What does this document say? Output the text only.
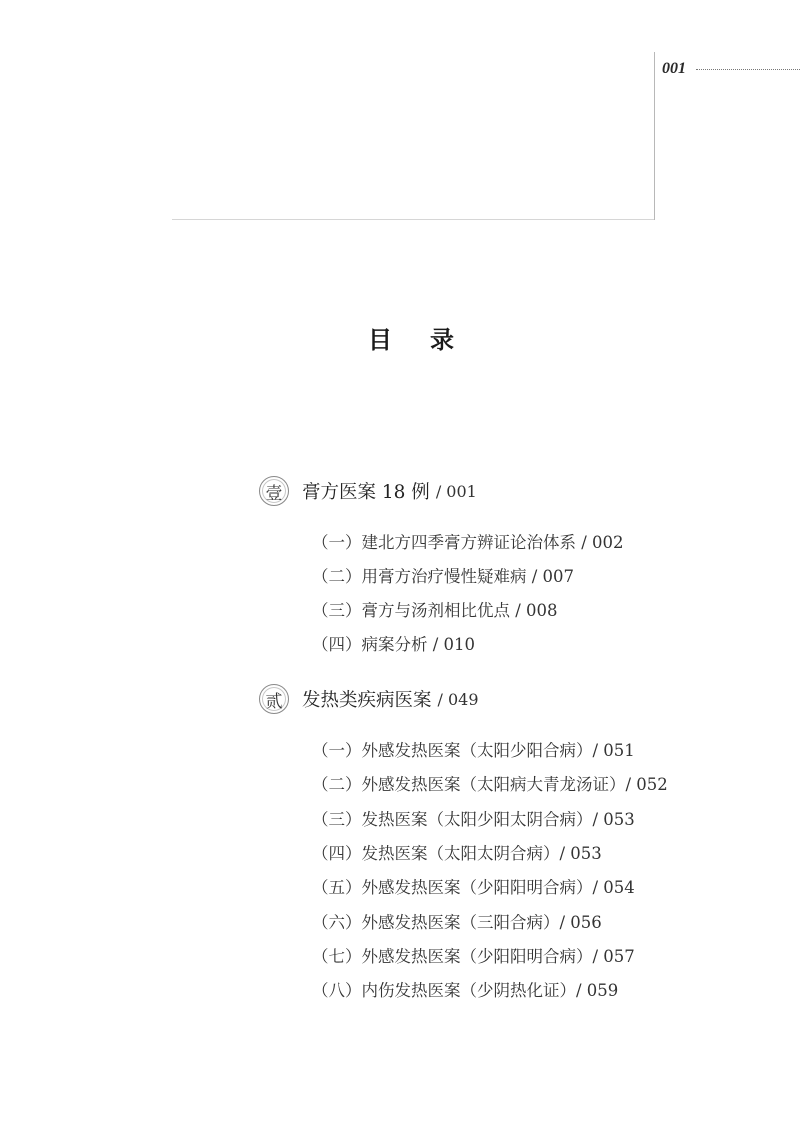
001
目录
壹	膏方医案 18 例 / 001
（一）建北方四季膏方辨证论治体系 / 002
（二）用膏方治疗慢性疑难病 / 007
（三）膏方与汤剂相比优点 / 008
（四）病案分析 / 010
贰	发热类疾病医案 / 049
（一）外感发热医案（太阳少阳合病）/ 051
（二）外感发热医案（太阳病大青龙汤证）/ 052
（三）发热医案（太阳少阳太阴合病）/ 053
（四）发热医案（太阳太阴合病）/ 053
（五）外感发热医案（少阳阳明合病）/ 054
（六）外感发热医案（三阳合病）/ 056
（七）外感发热医案（少阳阳明合病）/ 057
（八）内伤发热医案（少阴热化证）/ 059
